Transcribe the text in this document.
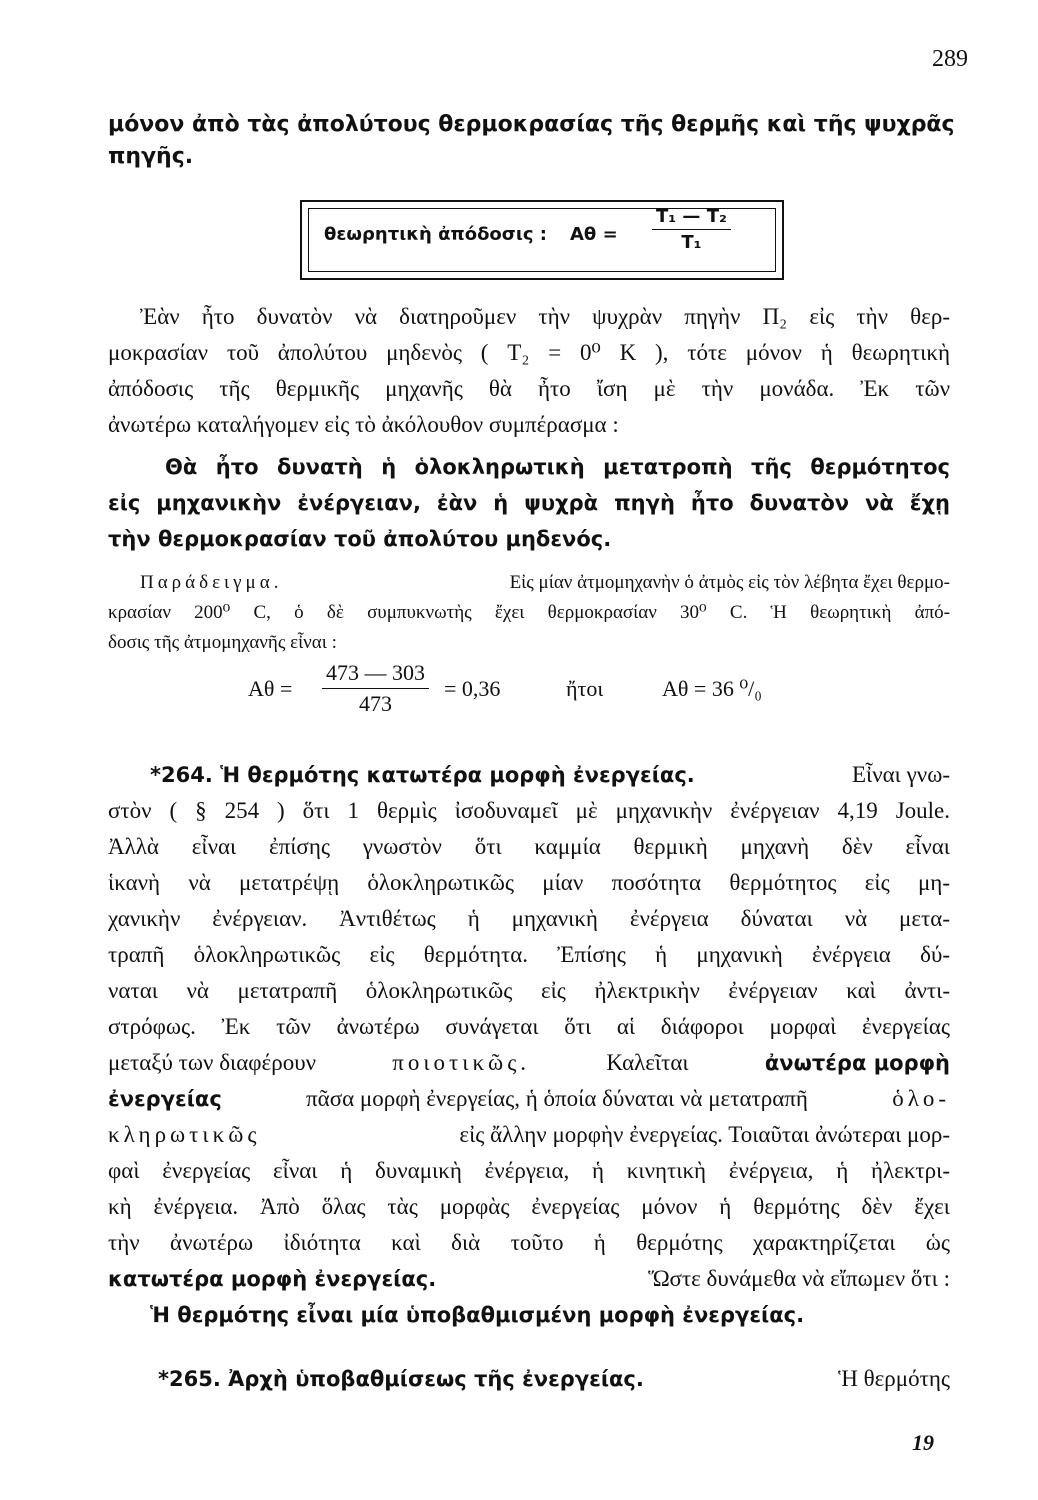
289
μόνον ἀπὸ τὰς ἀπολύτους θερμοκρασίας τῆς θερμῆς καὶ τῆς ψυχρᾶς
πηγῆς.
θεωρητικὴ ἀπόδοσις : $A\theta = \frac{\text{T₁ — T₂}}{\text{T₁}}$
Ἐὰν ἦτο δυνατὸν νὰ διατηροῦμεν τὴν ψυχρὰν πηγὴν Π₂ εἰς τὴν θερ-
μοκρασίαν τοῦ ἀπολύτου μηδενὸς ( T₂ = 0⁰ K ), τότε μόνον ἡ θεωρητικὴ
ἀπόδοσις τῆς θερμικῆς μηχανῆς θὰ ἦτο ἴση μὲ τὴν μονάδα. Ἐκ τῶν
ἀνωτέρω καταλήγομεν εἰς τὸ ἀκόλουθον συμπέρασμα :
Θὰ ἦτο δυνατὴ ἡ ὁλοκληρωτικὴ μετατροπὴ τῆς θερμότητος
εἰς μηχανικὴν ἐνέργειαν, ἐὰν ἡ ψυχρὰ πηγὴ ἦτο δυνατὸν νὰ ἔχῃ
τὴν θερμοκρασίαν τοῦ ἀπολύτου μηδενός.
Παράδειγμα.	Εἰς μίαν ἀτμομηχανὴν ὁ ἀτμὸς εἰς τὸν λέβητα ἔχει θερμο-
κρασίαν 200⁰ C, ὁ δὲ συμπυκνωτὴς ἔχει θερμοκρασίαν 30⁰ C. Ἡ θεωρητικὴ ἀπό-
δοσις τῆς ἀτμομηχανῆς εἶναι :
$A\theta = \frac{473 — 303}{473} = 0,36$	ἤτοι	Aθ = 36 ⁰/₀
*264. Ἡ θερμότης κατωτέρα μορφὴ ἐνεργείας.	Εἶναι γνω-
στὸν ( § 254 ) ὅτι 1 θερμὶς ἰσοδυναμεῖ μὲ μηχανικὴν ἐνέργειαν 4,19 Joule.
Ἀλλὰ εἶναι ἐπίσης γνωστὸν ὅτι καμμία θερμικὴ μηχανὴ δὲν εἶναι
ἱκανὴ νὰ μετατρέψῃ ὁλοκληρωτικῶς μίαν ποσότητα θερμότητος εἰς μη-
χανικὴν ἐνέργειαν. Ἀντιθέτως ἡ μηχανικὴ ἐνέργεια δύναται νὰ μετα-
τραπῆ ὁλοκληρωτικῶς εἰς θερμότητα. Ἐπίσης ἡ μηχανικὴ ἐνέργεια δύ-
ναται νὰ μετατραπῆ ὁλοκληρωτικῶς εἰς ἠλεκτρικὴν ἐνέργειαν καὶ ἀντι-
στρόφως. Ἐκ τῶν ἀνωτέρω συνάγεται ὅτι αἱ διάφοροι μορφαὶ ἐνεργείας
μεταξύ των διαφέρουν	ποιοτικῶς.	Καλεῖται	ἀνωτέρα μορφὴ
ἐνεργείας	πᾶσα μορφὴ ἐνεργείας, ἡ ὁποία δύναται νὰ μετατραπῆ	ὁλο-
κληρωτικῶς	εἰς ἄλλην μορφὴν ἐνεργείας. Τοιαῦται ἀνώτεραι μορ-
φαὶ ἐνεργείας εἶναι ἡ δυναμικὴ ἐνέργεια, ἡ κινητικὴ ἐνέργεια, ἡ ἠλεκτρι-
κὴ ἐνέργεια. Ἀπὸ ὅλας τὰς μορφὰς ἐνεργείας μόνον ἡ θερμότης δὲν ἔχει
τὴν ἀνωτέρω ἰδιότητα καὶ διὰ τοῦτο ἡ θερμότης χαρακτηρίζεται ὡς
κατωτέρα μορφὴ ἐνεργείας.	Ὥστε δυνάμεθα νὰ εἴπωμεν ὅτι :
Ἡ θερμότης εἶναι μία ὑποβαθμισμένη μορφὴ ἐνεργείας.
*265. Ἀρχὴ ὑποβαθμίσεως τῆς ἐνεργείας.	Ἡ θερμότης
19
